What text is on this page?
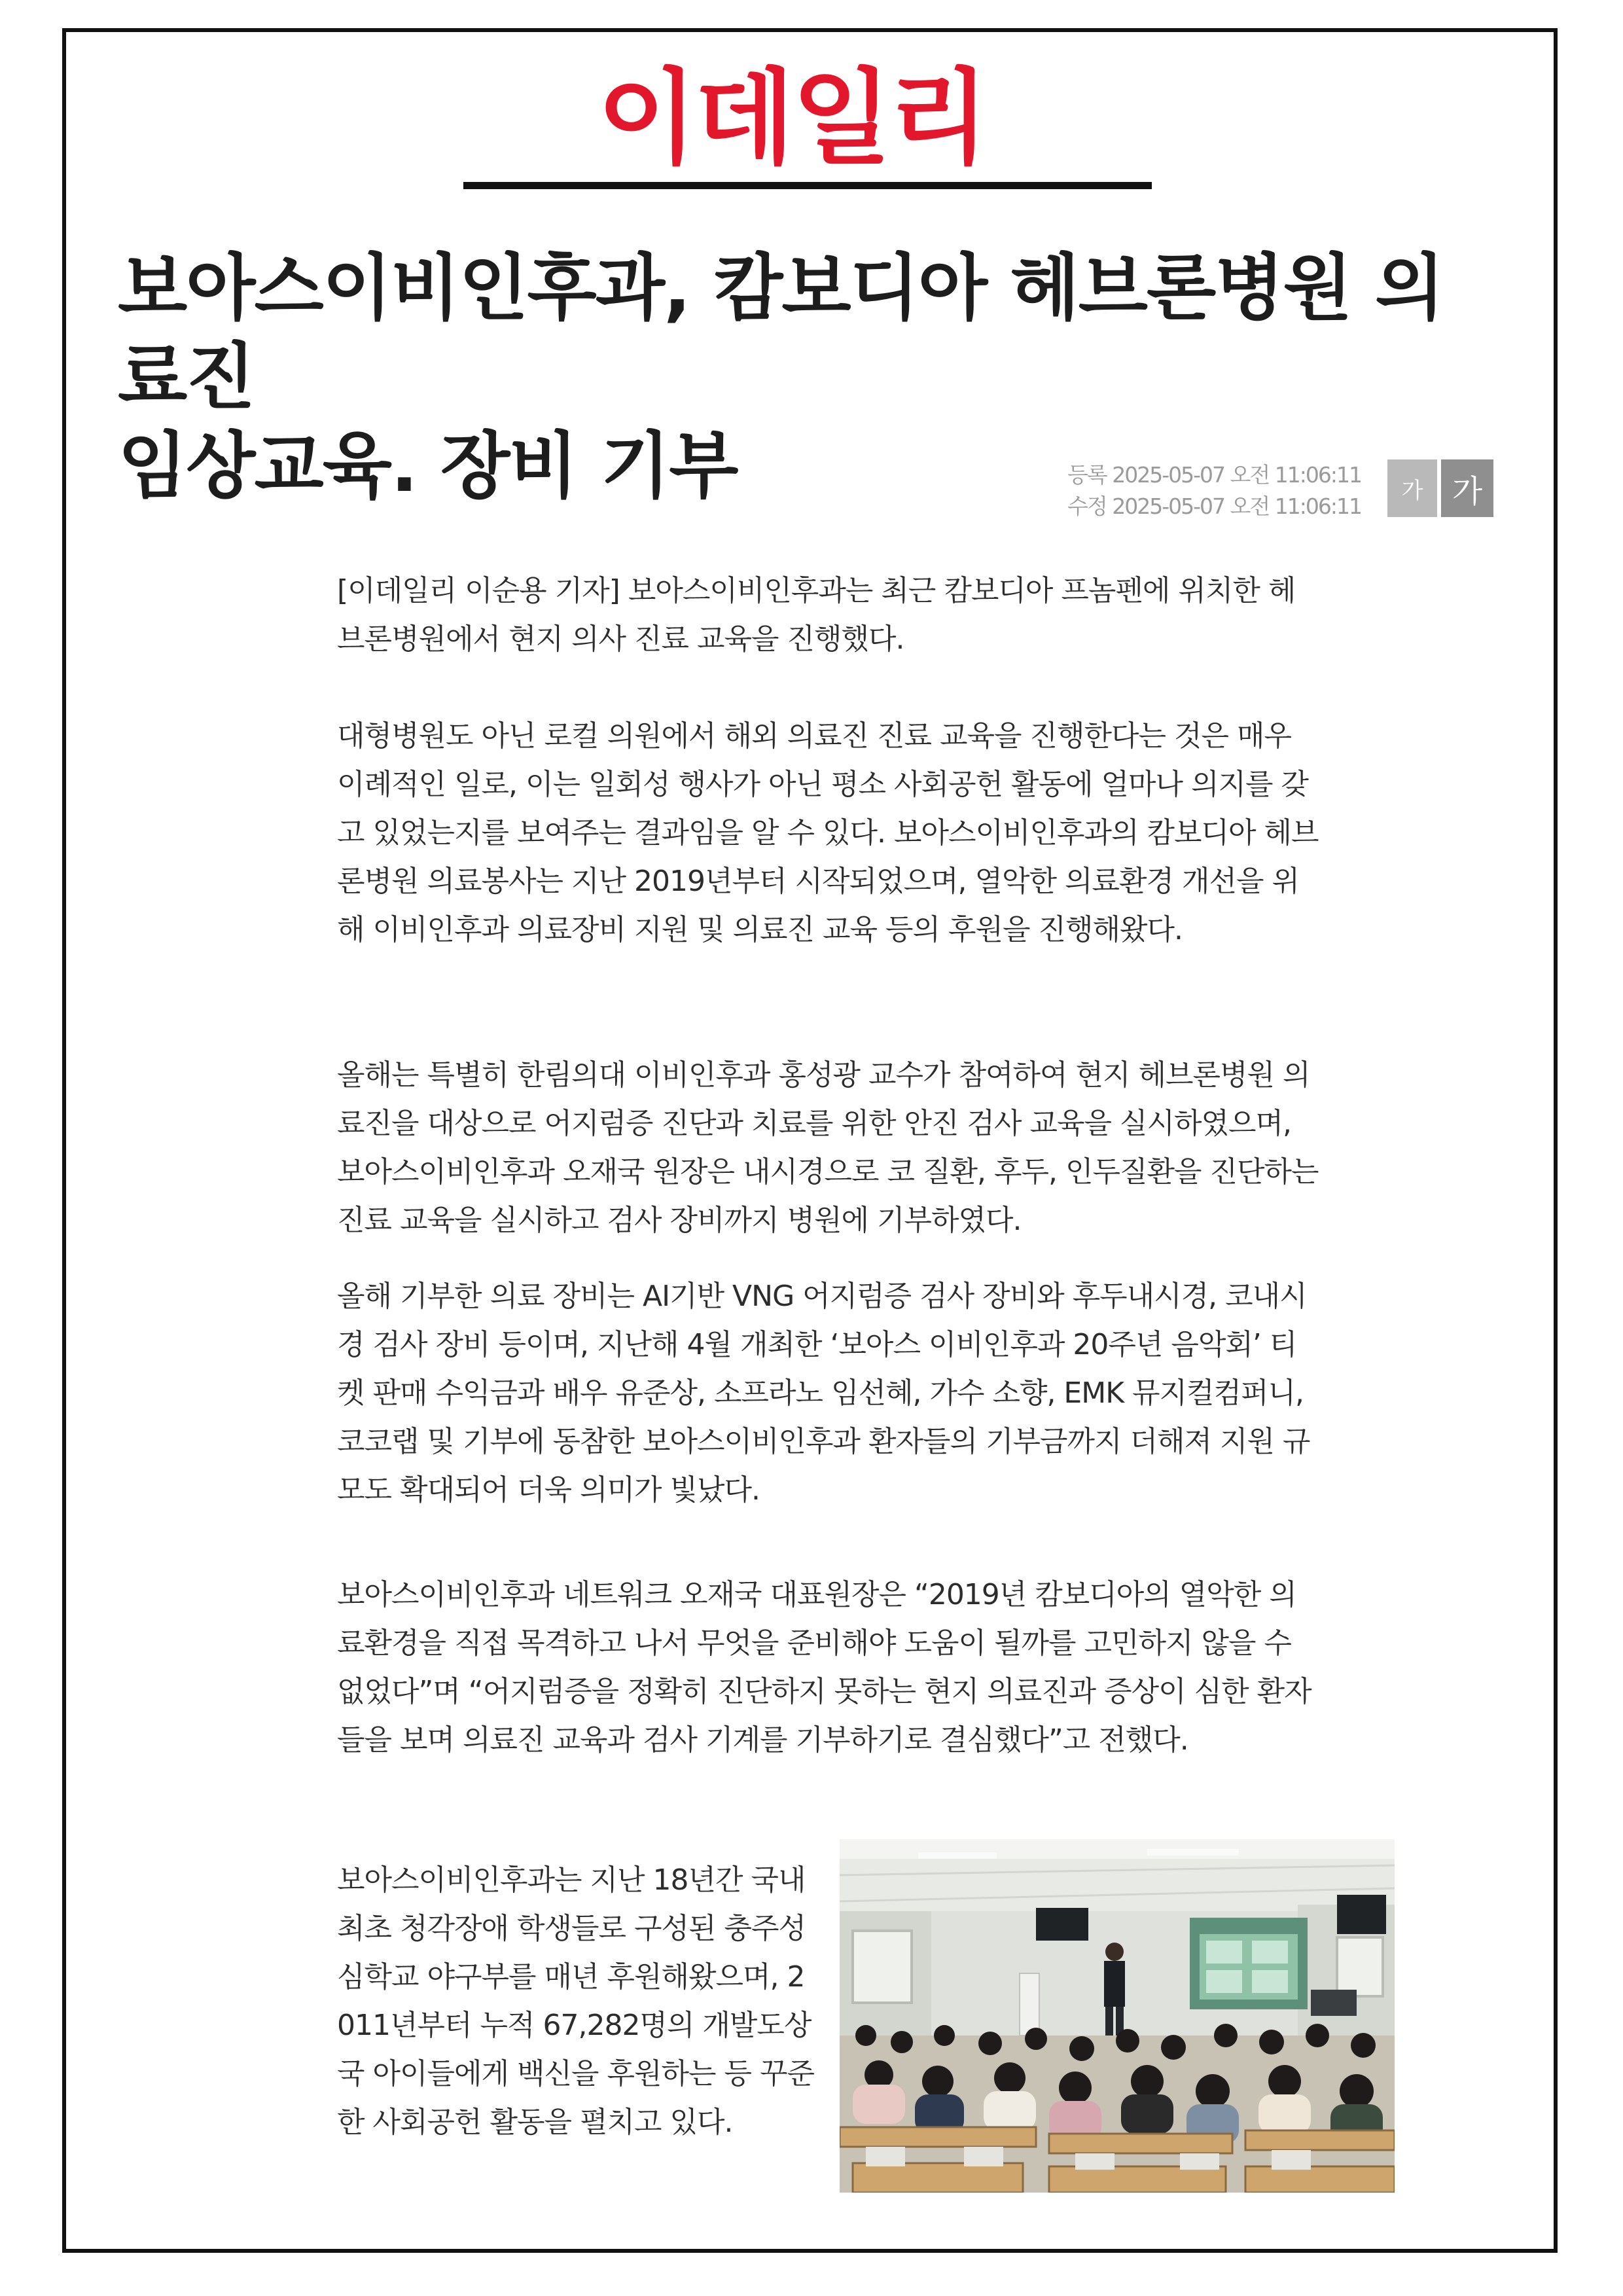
이데일리
보아스이비인후과, 캄보디아 헤브론병원 의료진
임상교육. 장비 기부	등록 2025-05-07 오전 11:06:11
수정 2025-05-07 오전 11:06:11
가 가

[이데일리 이순용 기자] 보아스이비인후과는 최근 캄보디아 프놈펜에 위치한 헤브론병원에서 현지 의사 진료 교육을 진행했다.

대형병원도 아닌 로컬 의원에서 해외 의료진 진료 교육을 진행한다는 것은 매우 이례적인 일로, 이는 일회성 행사가 아닌 평소 사회공헌 활동에 얼마나 의지를 갖고 있었는지를 보여주는 결과임을 알 수 있다. 보아스이비인후과의 캄보디아 헤브론병원 의료봉사는 지난 2019년부터 시작되었으며, 열악한 의료환경 개선을 위해 이비인후과 의료장비 지원 및 의료진 교육 등의 후원을 진행해왔다.

올해는 특별히 한림의대 이비인후과 홍성광 교수가 참여하여 현지 헤브론병원 의료진을 대상으로 어지럼증 진단과 치료를 위한 안진 검사 교육을 실시하였으며, 보아스이비인후과 오재국 원장은 내시경으로 코 질환, 후두, 인두질환을 진단하는 진료 교육을 실시하고 검사 장비까지 병원에 기부하였다.

올해 기부한 의료 장비는 AI기반 VNG 어지럼증 검사 장비와 후두내시경, 코내시경 검사 장비 등이며, 지난해 4월 개최한 ‘보아스 이비인후과 20주년 음악회’ 티켓 판매 수익금과 배우 유준상, 소프라노 임선혜, 가수 소향, EMK 뮤지컬컴퍼니, 코코랩 및 기부에 동참한 보아스이비인후과 환자들의 기부금까지 더해져 지원 규모도 확대되어 더욱 의미가 빛났다.

보아스이비인후과 네트워크 오재국 대표원장은 “2019년 캄보디아의 열악한 의료환경을 직접 목격하고 나서 무엇을 준비해야 도움이 될까를 고민하지 않을 수 없었다”며 “어지럼증을 정확히 진단하지 못하는 현지 의료진과 증상이 심한 환자들을 보며 의료진 교육과 검사 기계를 기부하기로 결심했다”고 전했다.

보아스이비인후과는 지난 18년간 국내 최초 청각장애 학생들로 구성된 충주성심학교 야구부를 매년 후원해왔으며, 2011년부터 누적 67,282명의 개발도상국 아이들에게 백신을 후원하는 등 꾸준한 사회공헌 활동을 펼치고 있다.
